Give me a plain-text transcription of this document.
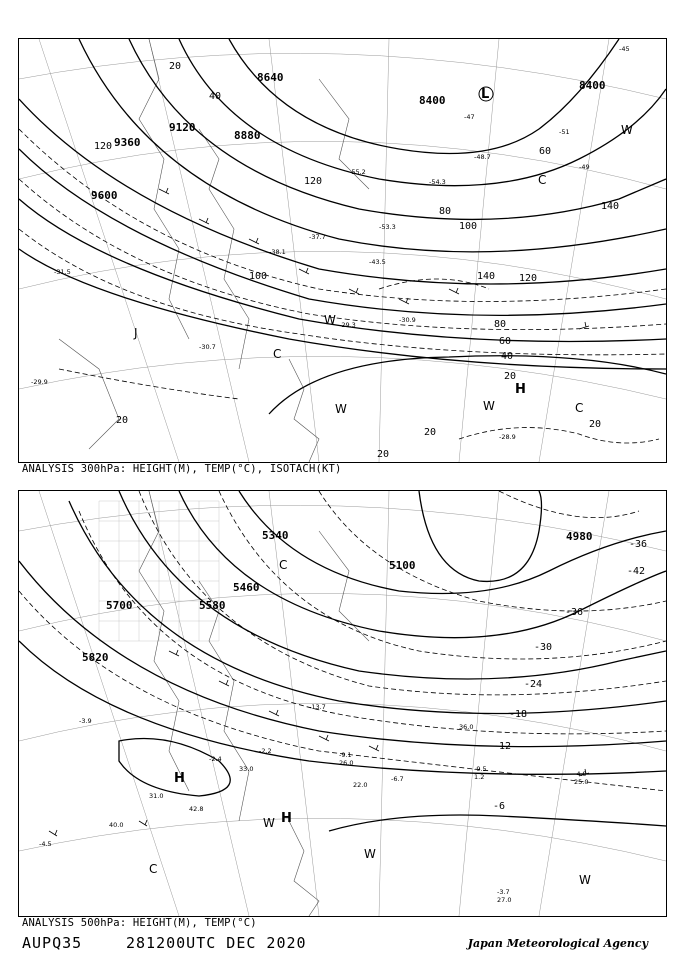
8640
8400
8400
8880
9120
9360
9600
120
100
80
60
40
20
140 120
20
20
20
20
20
40
60
80
100
120
140
-30.9
-29.3
-29.9
-30.7
-28.9
-31.5
-45
-47
-51
-55.2
-54.3
-48.7
-49
-38.1
-37.7
-43.5
-53.3
L
H
W	W
W
W
C
C
C
J
ANALYSIS 300hPa: HEIGHT(M), TEMP(°C), ISOTACH(KT)
5340
5700	5580
5460
5820
5100
4980
-36
-42
-36
-30
-24
-18
-12
-6
-13.7
-9.1
-6.7
-9.5
-4.9
-3.7
-3.9
-4.5
-2.4
-2.2
26.0
22.0
1.2
25.0
27.0
36.0
42.8
40.0
31.0
33.0
H
H
W
W
W
C
C
ANALYSIS 500hPa: HEIGHT(M), TEMP(°C)
AUPQ35	281200UTC DEC 2020	Japan Meteorological Agency
